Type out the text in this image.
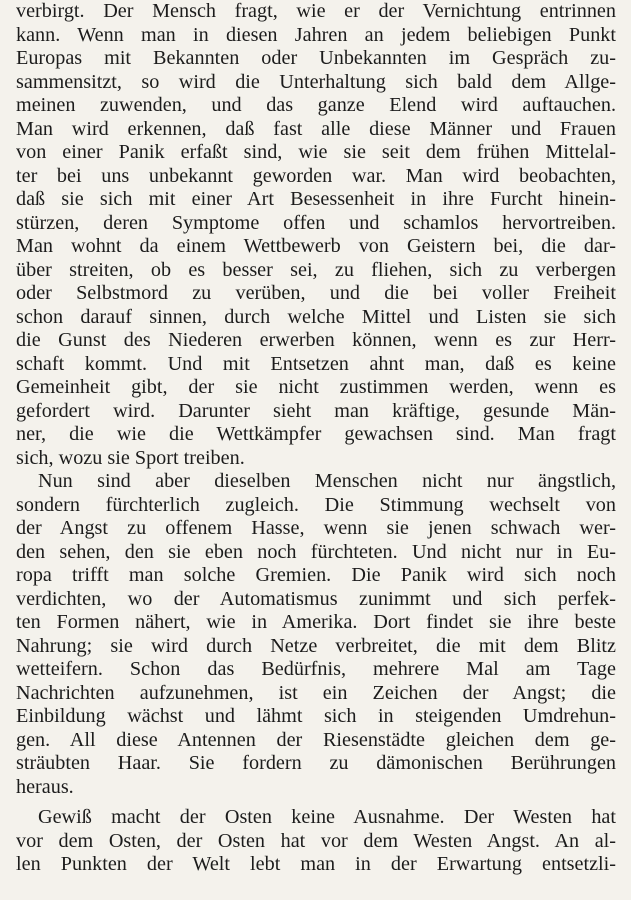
verbirgt. Der Mensch fragt, wie er der Vernichtung entrinnen
kann. Wenn man in diesen Jahren an jedem beliebigen Punkt
Europas mit Bekannten oder Unbekannten im Gespräch zu-
sammensitzt, so wird die Unterhaltung sich bald dem Allge-
meinen zuwenden, und das ganze Elend wird auftauchen.
Man wird erkennen, daß fast alle diese Männer und Frauen
von einer Panik erfaßt sind, wie sie seit dem frühen Mittelal-
ter bei uns unbekannt geworden war. Man wird beobachten,
daß sie sich mit einer Art Besessenheit in ihre Furcht hinein-
stürzen, deren Symptome offen und schamlos hervortreiben.
Man wohnt da einem Wettbewerb von Geistern bei, die dar-
über streiten, ob es besser sei, zu fliehen, sich zu verbergen
oder Selbstmord zu verüben, und die bei voller Freiheit
schon darauf sinnen, durch welche Mittel und Listen sie sich
die Gunst des Niederen erwerben können, wenn es zur Herr-
schaft kommt. Und mit Entsetzen ahnt man, daß es keine
Gemeinheit gibt, der sie nicht zustimmen werden, wenn es
gefordert wird. Darunter sieht man kräftige, gesunde Män-
ner, die wie die Wettkämpfer gewachsen sind. Man fragt
sich, wozu sie Sport treiben.
Nun sind aber dieselben Menschen nicht nur ängstlich,
sondern fürchterlich zugleich. Die Stimmung wechselt von
der Angst zu offenem Hasse, wenn sie jenen schwach wer-
den sehen, den sie eben noch fürchteten. Und nicht nur in Eu-
ropa trifft man solche Gremien. Die Panik wird sich noch
verdichten, wo der Automatismus zunimmt und sich perfek-
ten Formen nähert, wie in Amerika. Dort findet sie ihre beste
Nahrung; sie wird durch Netze verbreitet, die mit dem Blitz
wetteifern. Schon das Bedürfnis, mehrere Mal am Tage
Nachrichten aufzunehmen, ist ein Zeichen der Angst; die
Einbildung wächst und lähmt sich in steigenden Umdrehun-
gen. All diese Antennen der Riesenstädte gleichen dem ge-
sträubten Haar. Sie fordern zu dämonischen Berührungen
heraus.
Gewiß macht der Osten keine Ausnahme. Der Westen hat
vor dem Osten, der Osten hat vor dem Westen Angst. An al-
len Punkten der Welt lebt man in der Erwartung entsetzli-
